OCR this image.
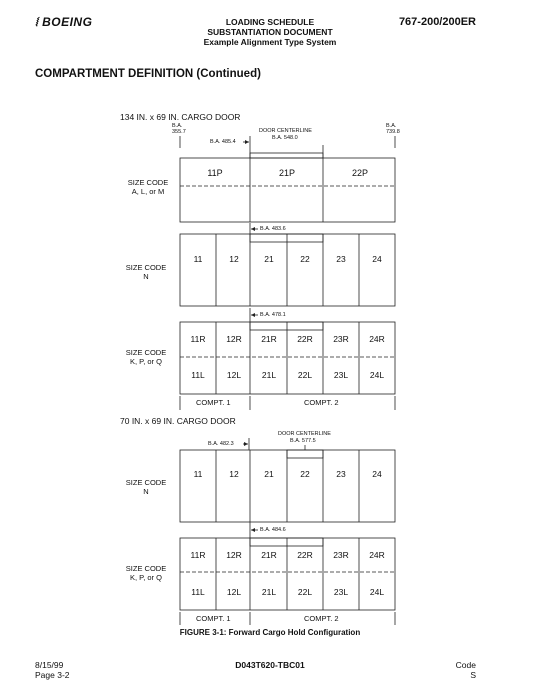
⧙ BOEING	LOADING SCHEDULE
SUBSTANTIATION DOCUMENT
Example Alignment Type System
767-200/200ER
COMPARTMENT DEFINITION (Continued)
134 IN. x 69 IN. CARGO DOOR
B.A.
355.7
B.A.
739.8
DOOR CENTERLINE
B.A. 548.0
B.A. 485.4
SIZE CODE
A, L, or M
11P	21P	22P
B.A. 483.6
SIZE CODE
N
11	12	21	22	23	24
B.A. 478.1
SIZE CODE
K, P, or Q
11R	12R	21R	22R	23R	24R
11L	12L	21L	22L	23L	24L
COMPT. 1	COMPT. 2
70 IN. x 69 IN. CARGO DOOR
DOOR CENTERLINE
B.A. 577.5
B.A. 482.3
SIZE CODE
N
11	12	21	22	23	24
B.A. 484.6
SIZE CODE
K, P, or Q
11R	12R	21R	22R	23R	24R
11L	12L	21L	22L	23L	24L
COMPT. 1	COMPT. 2
FIGURE 3-1: Forward Cargo Hold Configuration
8/15/99
Page 3-2
D043T620-TBC01	Code
S
